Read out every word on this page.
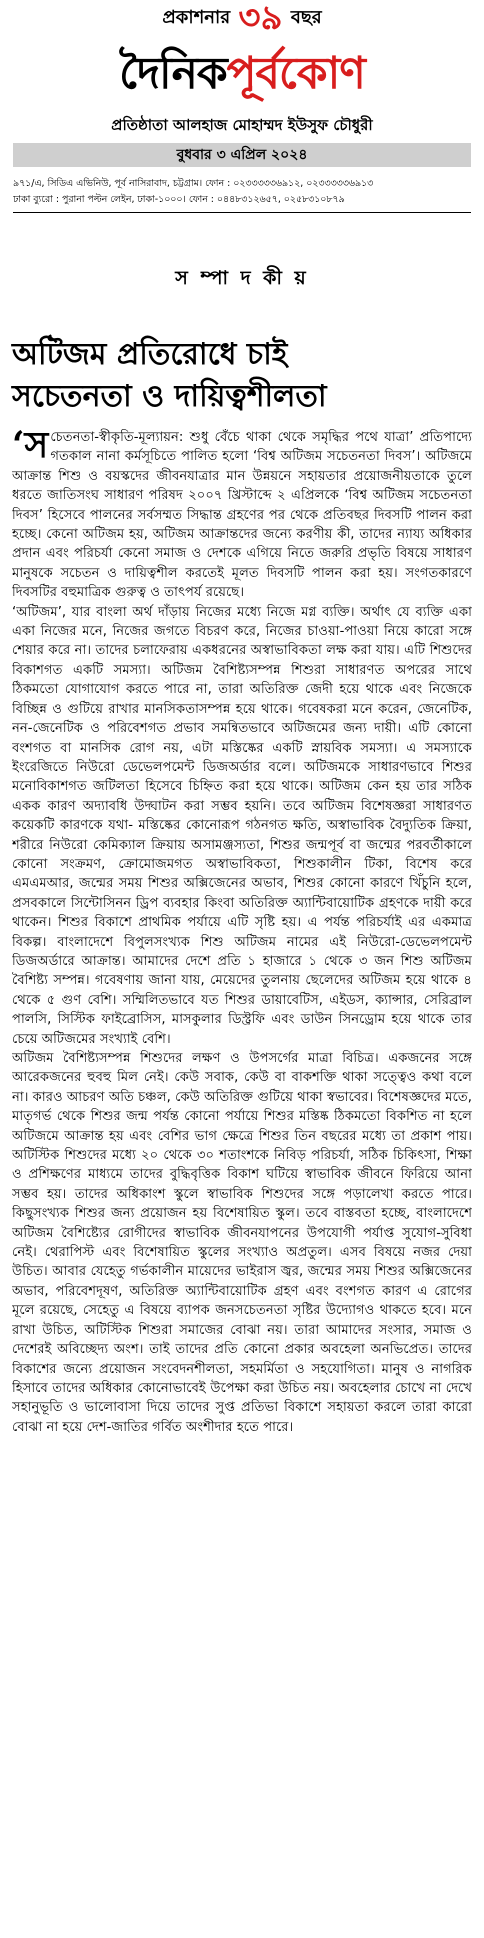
প্রকাশনার ৩৯ বছর
দৈনিকপূর্বকোণ
প্রতিষ্ঠাতা আলহাজ মোহাম্মদ ইউসুফ চৌধুরী
বুধবার ৩ এপ্রিল ২০২৪
৯৭১/এ, সিডিএ এভিনিউ, পূর্ব নাসিরাবাদ, চট্টগ্রাম। ফোন : ০২৩৩৩৩৩৬৯১২, ০২৩৩৩৩৩৬৯১৩
ঢাকা ব্যুরো : পুরানা পল্টন লেইন, ঢাকা-১০০০। ফোন : ০৪৪৮৩১২৬৫৭, ০২৫৮৩১০৮৭৯
স ম্পা দ কী য়
অটিজম প্রতিরোধে চাই
সচেতনতা ও দায়িত্বশীলতা

‘সচেতনতা-স্বীকৃতি-মূল্যায়ন: শুধু বেঁচে থাকা থেকে সমৃদ্ধির পথে যাত্রা’ প্রতিপাদ্যে গতকাল নানা কর্মসূচিতে পালিত হলো ‘বিশ্ব অটিজম সচেতনতা দিবস’। অটিজমে আক্রান্ত শিশু ও বয়স্কদের জীবনযাত্রার মান উন্নয়নে সহায়তার প্রয়োজনীয়তাকে তুলে ধরতে জাতিসংঘ সাধারণ পরিষদ ২০০৭ খ্রিস্টাব্দে ২ এপ্রিলকে ‘বিশ্ব অটিজম সচেতনতা দিবস’ হিসেবে পালনের সর্বসম্মত সিদ্ধান্ত গ্রহণের পর থেকে প্রতিবছর দিবসটি পালন করা হচ্ছে। কেনো অটিজম হয়, অটিজম আক্রান্তদের জন্যে করণীয় কী, তাদের ন্যায্য অধিকার প্রদান এবং পরিচর্যা কেনো সমাজ ও দেশকে এগিয়ে নিতে জরুরি প্রভৃতি বিষয়ে সাধারণ মানুষকে সচেতন ও দায়িত্বশীল করতেই মূলত দিবসটি পালন করা হয়। সংগতকারণে দিবসটির বহুমাত্রিক গুরুত্ব ও তাৎপর্য রয়েছে।

‘অটিজম’, যার বাংলা অর্থ দাঁড়ায় নিজের মধ্যে নিজে মগ্ন ব্যক্তি। অর্থাৎ যে ব্যক্তি একা একা নিজের মনে, নিজের জগতে বিচরণ করে, নিজের চাওয়া-পাওয়া নিয়ে কারো সঙ্গে শেয়ার করে না। তাদের চলাফেরায় একধরনের অস্বাভাবিকতা লক্ষ করা যায়। এটি শিশুদের বিকাশগত একটি সমস্যা। অটিজম বৈশিষ্ট্যসম্পন্ন শিশুরা সাধারণত অপরের সাথে ঠিকমতো যোগাযোগ করতে পারে না, তারা অতিরিক্ত জেদী হয়ে থাকে এবং নিজেকে বিচ্ছিন্ন ও গুটিয়ে রাখার মানসিকতাসম্পন্ন হয়ে থাকে। গবেষকরা মনে করেন, জেনেটিক, নন-জেনেটিক ও পরিবেশগত প্রভাব সমন্বিতভাবে অটিজমের জন্য দায়ী। এটি কোনো বংশগত বা মানসিক রোগ নয়, এটা মস্তিষ্কের একটি স্নায়বিক সমস্যা। এ সমস্যাকে ইংরেজিতে নিউরো ডেভেলপমেন্ট ডিজঅর্ডার বলে। অটিজমকে সাধারণভাবে শিশুর মনোবিকাশগত জটিলতা হিসেবে চিহ্নিত করা হয়ে থাকে। অটিজম কেন হয় তার সঠিক একক কারণ অদ্যাবধি উদ্ঘাটন করা সম্ভব হয়নি। তবে অটিজম বিশেষজ্ঞরা সাধারণত কয়েকটি কারণকে যথা- মস্তিষ্কের কোনোরূপ গঠনগত ক্ষতি, অস্বাভাবিক বৈদ্যুতিক ক্রিয়া, শরীরে নিউরো কেমিক্যাল ক্রিয়ায় অসামঞ্জস্যতা, শিশুর জন্মপূর্ব বা জন্মের পরবর্তীকালে কোনো সংক্রমণ, ক্রোমোজমগত অস্বাভাবিকতা, শিশুকালীন টিকা, বিশেষ করে এমএমআর, জন্মের সময় শিশুর অক্সিজেনের অভাব, শিশুর কোনো কারণে খিঁচুনি হলে, প্রসবকালে সিন্টোসিনন ড্রিপ ব্যবহার কিংবা অতিরিক্ত অ্যান্টিবায়োটিক গ্রহণকে দায়ী করে থাকেন। শিশুর বিকাশে প্রাথমিক পর্যায়ে এটি সৃষ্টি হয়। এ পর্যন্ত পরিচর্যাই এর একমাত্র বিকল্প। বাংলাদেশে বিপুলসংখ্যক শিশু অটিজম নামের এই নিউরো-ডেভেলপমেন্ট ডিজঅর্ডারে আক্রান্ত। আমাদের দেশে প্রতি ১ হাজারে ১ থেকে ৩ জন শিশু অটিজম বৈশিষ্ট্য সম্পন্ন। গবেষণায় জানা যায়, মেয়েদের তুলনায় ছেলেদের অটিজম হয়ে থাকে ৪ থেকে ৫ গুণ বেশি। সম্মিলিতভাবে যত শিশুর ডায়াবেটিস, এইডস, ক্যান্সার, সেরিব্রাল পালসি, সিস্টিক ফাইব্রোসিস, মাসকুলার ডিস্ট্রফি এবং ডাউন সিনড্রোম হয়ে থাকে তার চেয়ে অটিজমের সংখ্যাই বেশি।

অটিজম বৈশিষ্ট্যসম্পন্ন শিশুদের লক্ষণ ও উপসর্গের মাত্রা বিচিত্র। একজনের সঙ্গে আরেকজনের হুবহু মিল নেই। কেউ সবাক, কেউ বা বাকশক্তি থাকা সত্ত্বেও কথা বলে না। কারও আচরণ অতি চঞ্চল, কেউ অতিরিক্ত গুটিয়ে থাকা স্বভাবের। বিশেষজ্ঞদের মতে, মাতৃগর্ভ থেকে শিশুর জন্ম পর্যন্ত কোনো পর্যায়ে শিশুর মস্তিষ্ক ঠিকমতো বিকশিত না হলে অটিজমে আক্রান্ত হয় এবং বেশির ভাগ ক্ষেত্রে শিশুর তিন বছরের মধ্যে তা প্রকাশ পায়। অটিস্টিক শিশুদের মধ্যে ২০ থেকে ৩০ শতাংশকে নিবিড় পরিচর্যা, সঠিক চিকিৎসা, শিক্ষা ও প্রশিক্ষণের মাধ্যমে তাদের বুদ্ধিবৃত্তিক বিকাশ ঘটিয়ে স্বাভাবিক জীবনে ফিরিয়ে আনা সম্ভব হয়। তাদের অধিকাংশ স্কুলে স্বাভাবিক শিশুদের সঙ্গে পড়ালেখা করতে পারে। কিছুসংখ্যক শিশুর জন্য প্রয়োজন হয় বিশেষায়িত স্কুল। তবে বাস্তবতা হচ্ছে, বাংলাদেশে অটিজম বৈশিষ্ট্যের রোগীদের স্বাভাবিক জীবনযাপনের উপযোগী পর্যাপ্ত সুযোগ-সুবিধা নেই। থেরাপিস্ট এবং বিশেষায়িত স্কুলের সংখ্যাও অপ্রতুল। এসব বিষয়ে নজর দেয়া উচিত। আবার যেহেতু গর্ভকালীন মায়েদের ভাইরাস জ্বর, জন্মের সময় শিশুর অক্সিজেনের অভাব, পরিবেশদূষণ, অতিরিক্ত অ্যান্টিবায়োটিক গ্রহণ এবং বংশগত কারণ এ রোগের মূলে রয়েছে, সেহেতু এ বিষয়ে ব্যাপক জনসচেতনতা সৃষ্টির উদ্যোগও থাকতে হবে। মনে রাখা উচিত, অটিস্টিক শিশুরা সমাজের বোঝা নয়। তারা আমাদের সংসার, সমাজ ও দেশেরই অবিচ্ছেদ্য অংশ। তাই তাদের প্রতি কোনো প্রকার অবহেলা অনভিপ্রেত। তাদের বিকাশের জন্যে প্রয়োজন সংবেদনশীলতা, সহমর্মিতা ও সহযোগিতা। মানুষ ও নাগরিক হিসাবে তাদের অধিকার কোনোভাবেই উপেক্ষা করা উচিত নয়। অবহেলার চোখে না দেখে সহানুভূতি ও ভালোবাসা দিয়ে তাদের সুপ্ত প্রতিভা বিকাশে সহায়তা করলে তারা কারো বোঝা না হয়ে দেশ-জাতির গর্বিত অংশীদার হতে পারে।
